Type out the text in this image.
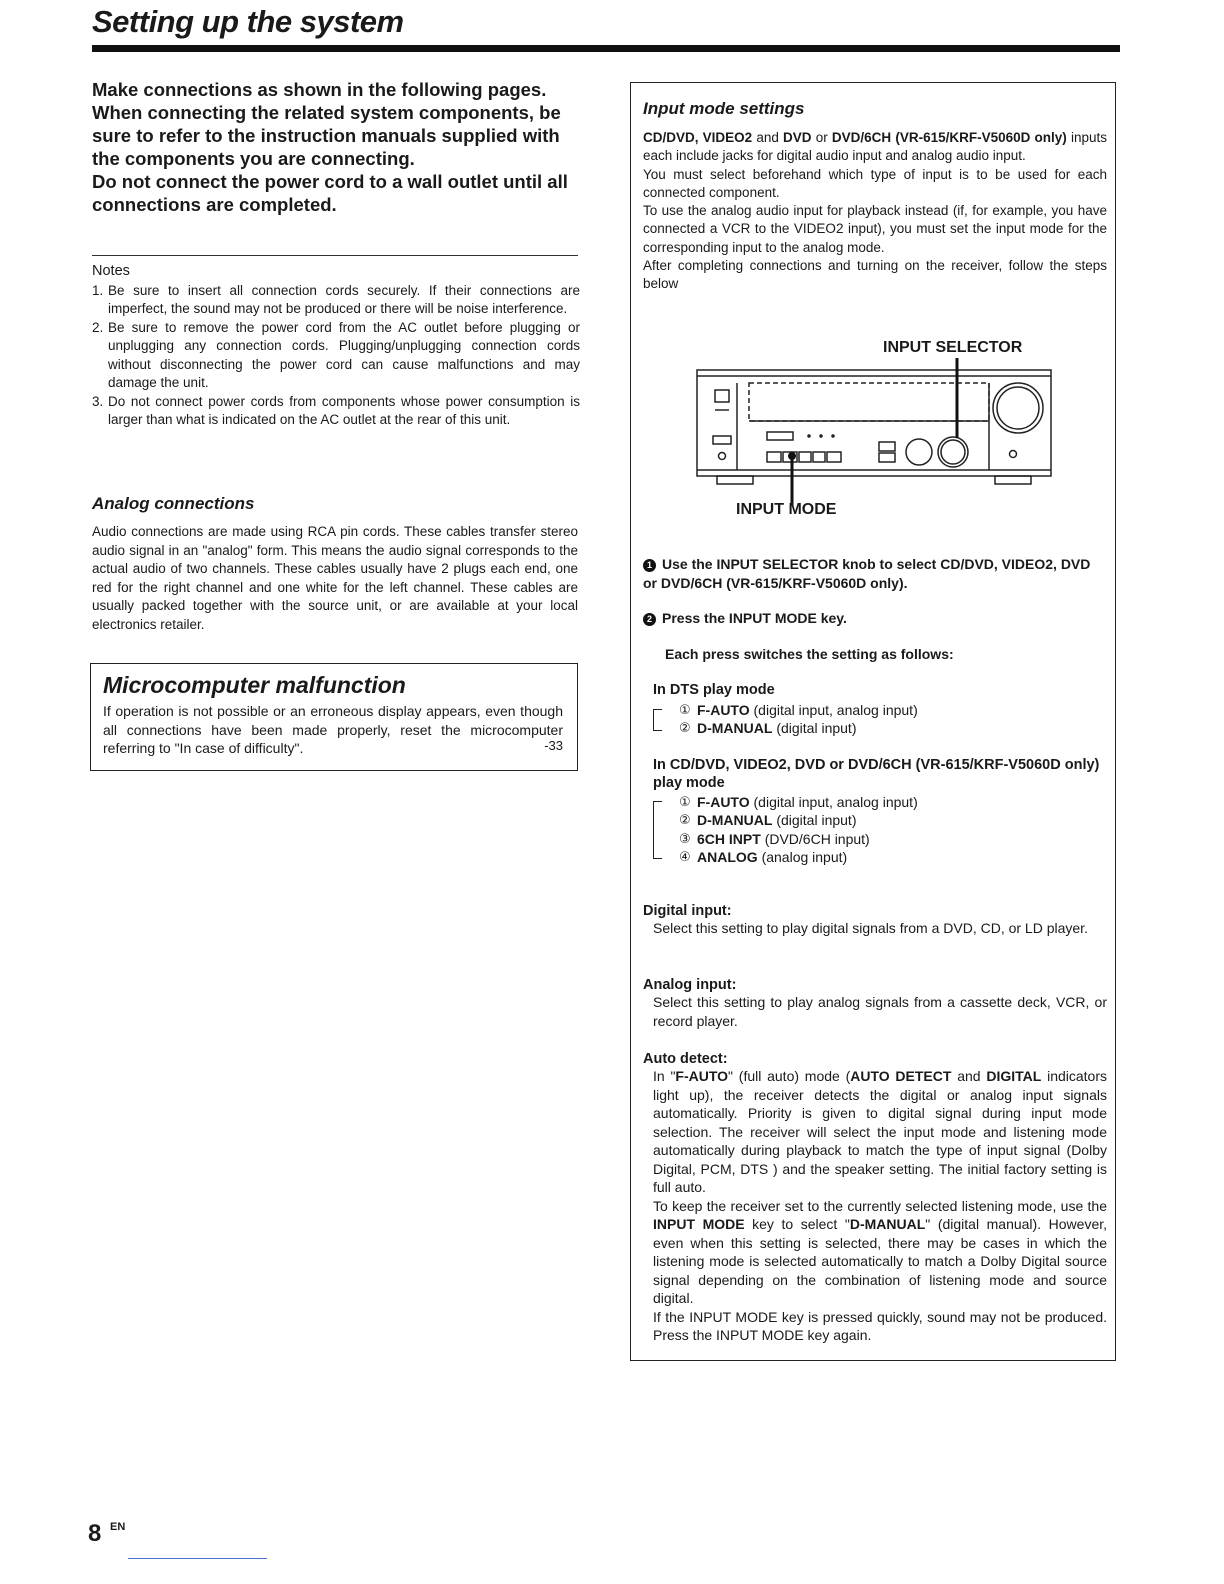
Setting up the system

Make connections as shown in the following pages. When connecting the related system components, be sure to refer to the instruction manuals supplied with the components you are connecting.

Do not connect the power cord to a wall outlet until all connections are completed.

Notes
1. Be sure to insert all connection cords securely. If their connections are imperfect, the sound may not be produced or there will be noise interference.
2. Be sure to remove the power cord from the AC outlet before plugging or unplugging any connection cords. Plugging/unplugging connection cords without disconnecting the power cord can cause malfunctions and may damage the unit.
3. Do not connect power cords from components whose power consumption is larger than what is indicated on the AC outlet at the rear of this unit.
Analog connections
Audio connections are made using RCA pin cords. These cables transfer stereo audio signal in an "analog" form. This means the audio signal corresponds to the actual audio of two channels. These cables usually have 2 plugs each end, one red for the right channel and one white for the left channel. These cables are usually packed together with the source unit, or are available at your local electronics retailer.
Microcomputer malfunction
If operation is not possible or an erroneous display appears, even though all connections have been made properly, reset the microcomputer referring to "In case of difficulty".	-33
Input mode settings
CD/DVD, VIDEO2 and DVD or DVD/6CH (VR-615/KRF-V5060D only) inputs each include jacks for digital audio input and analog audio input.
You must select beforehand which type of input is to be used for each connected component.
To use the analog audio input for playback instead (if, for example, you have connected a VCR to the VIDEO2 input), you must set the input mode for the corresponding input to the analog mode.
After completing connections and turning on the receiver, follow the steps below
INPUT SELECTOR
INPUT MODE
1 Use the INPUT SELECTOR knob to select CD/DVD, VIDEO2, DVD or DVD/6CH (VR-615/KRF-V5060D only).
2 Press the INPUT MODE key.
Each press switches the setting as follows:
In DTS play mode
① F-AUTO (digital input, analog input)
② D-MANUAL (digital input)
In CD/DVD, VIDEO2, DVD or DVD/6CH (VR-615/KRF-V5060D only) play mode
① F-AUTO (digital input, analog input)
② D-MANUAL (digital input)
③ 6CH INPT (DVD/6CH input)
④ ANALOG (analog input)
Digital input:
Select this setting to play digital signals from a DVD, CD, or LD player.
Analog input:
Select this setting to play analog signals from a cassette deck, VCR, or record player.
Auto detect:
In "F-AUTO" (full auto) mode (AUTO DETECT and DIGITAL indicators light up), the receiver detects the digital or analog input signals automatically. Priority is given to digital signal during input mode selection. The receiver will select the input mode and listening mode automatically during playback to match the type of input signal (Dolby Digital, PCM, DTS ) and the speaker setting. The initial factory setting is full auto.
To keep the receiver set to the currently selected listening mode, use the INPUT MODE key to select "D-MANUAL" (digital manual). However, even when this setting is selected, there may be cases in which the listening mode is selected automatically to match a Dolby Digital source signal depending on the combination of listening mode and source digital.
If the INPUT MODE key is pressed quickly, sound may not be produced. Press the INPUT MODE key again.
8 EN
